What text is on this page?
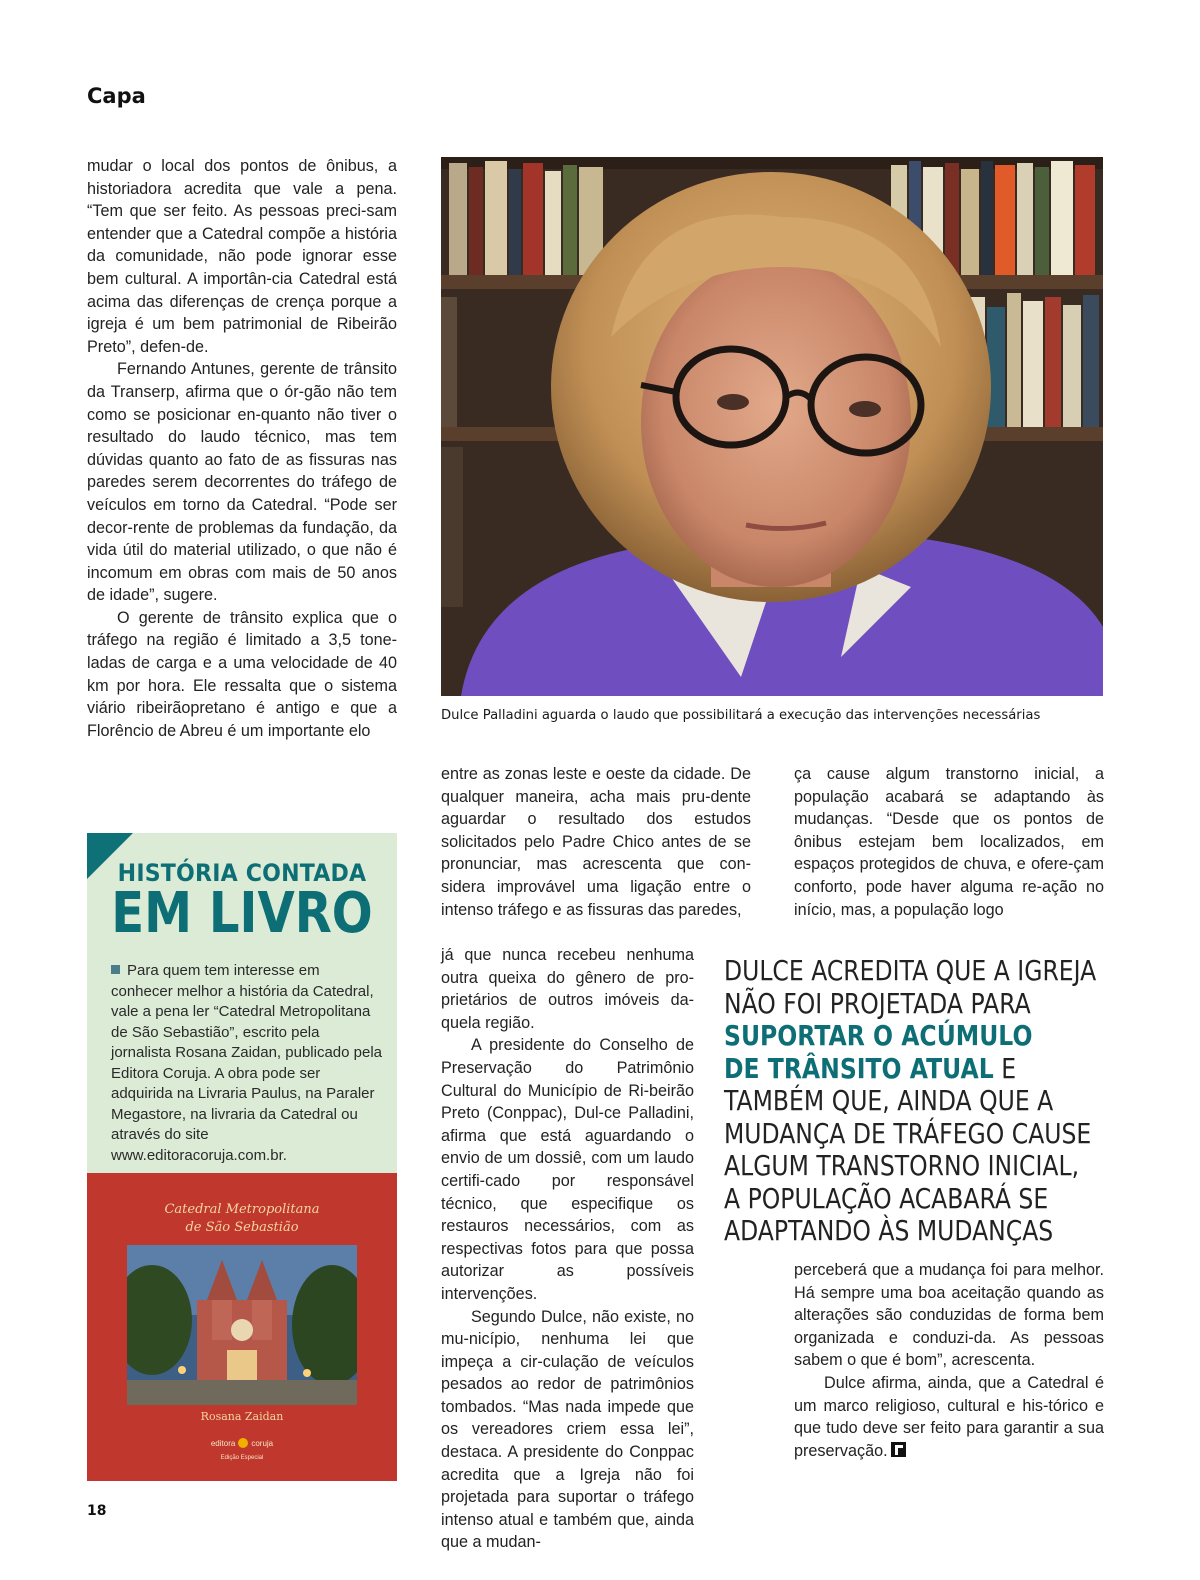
Capa

mudar o local dos pontos de ônibus, a historiadora acredita que vale a pena. “Tem que ser feito. As pessoas preci-sam entender que a Catedral compõe a história da comunidade, não pode ignorar esse bem cultural. A importân-cia Catedral está acima das diferenças de crença porque a igreja é um bem patrimonial de Ribeirão Preto”, defen-de.

Fernando Antunes, gerente de trânsito da Transerp, afirma que o ór-gão não tem como se posicionar en-quanto não tiver o resultado do laudo técnico, mas tem dúvidas quanto ao fato de as fissuras nas paredes serem decorrentes do tráfego de veículos em torno da Catedral. “Pode ser decor-rente de problemas da fundação, da vida útil do material utilizado, o que não é incomum em obras com mais de 50 anos de idade”, sugere.

O gerente de trânsito explica que o tráfego na região é limitado a 3,5 tone-ladas de carga e a uma velocidade de 40 km por hora. Ele ressalta que o sistema viário ribeirãopretano é antigo e que a Florêncio de Abreu é um importante elo

Dulce Palladini aguarda o laudo que possibilitará a execução das intervenções necessárias

entre as zonas leste e oeste da cidade. De qualquer maneira, acha mais pru-dente aguardar o resultado dos estudos solicitados pelo Padre Chico antes de se pronunciar, mas acrescenta que con-sidera improvável uma ligação entre o intenso tráfego e as fissuras das paredes,

já que nunca recebeu nenhuma outra queixa do gênero de pro-prietários de outros imóveis da-quela região.

A presidente do Conselho de Preservação do Patrimônio Cultural do Município de Ri-beirão Preto (Conppac), Dul-ce Palladini, afirma que está aguardando o envio de um dossiê, com um laudo certifi-cado por responsável técnico, que especifique os restauros necessários, com as respectivas fotos para que possa autorizar as possíveis intervenções.

Segundo Dulce, não existe, no mu-nicípio, nenhuma lei que impeça a cir-culação de veículos pesados ao redor de patrimônios tombados. “Mas nada impede que os vereadores criem essa lei”, destaca. A presidente do Conppac acredita que a Igreja não foi projetada para suportar o tráfego intenso atual e também que, ainda que a mudan-

ça cause algum transtorno inicial, a população acabará se adaptando às mudanças. “Desde que os pontos de ônibus estejam bem localizados, em espaços protegidos de chuva, e ofere-çam conforto, pode haver alguma re-ação no início, mas, a população logo

perceberá que a mudança foi para melhor. Há sempre uma boa aceitação quando as alterações são conduzidas de forma bem organizada e conduzi-da. As pessoas sabem o que é bom”, acrescenta.

Dulce afirma, ainda, que a Catedral é um marco religioso, cultural e his-tórico e que tudo deve ser feito para garantir a sua preservação.

DULCE ACREDITA QUE A IGREJA
NÃO FOI PROJETADA PARA
SUPORTAR O ACÚMULO
DE TRÂNSITO ATUAL E
TAMBÉM QUE, AINDA QUE A
MUDANÇA DE TRÁFEGO CAUSE
ALGUM TRANSTORNO INICIAL,
A POPULAÇÃO ACABARÁ SE
ADAPTANDO ÀS MUDANÇAS
HISTÓRIA CONTADA
EM LIVRO

Para quem tem interesse em conhecer melhor a história da Catedral, vale a pena ler “Catedral Metropolitana de São Sebastião”, escrito pela jornalista Rosana Zaidan, publicado pela Editora Coruja. A obra pode ser adquirida na Livraria Paulus, na Paraler Megastore, na livraria da Catedral ou através do site www.editoracoruja.com.br.

Catedral Metropolitana
de São Sebastião

Rosana Zaidan

editora coruja

Edição Especial

18
